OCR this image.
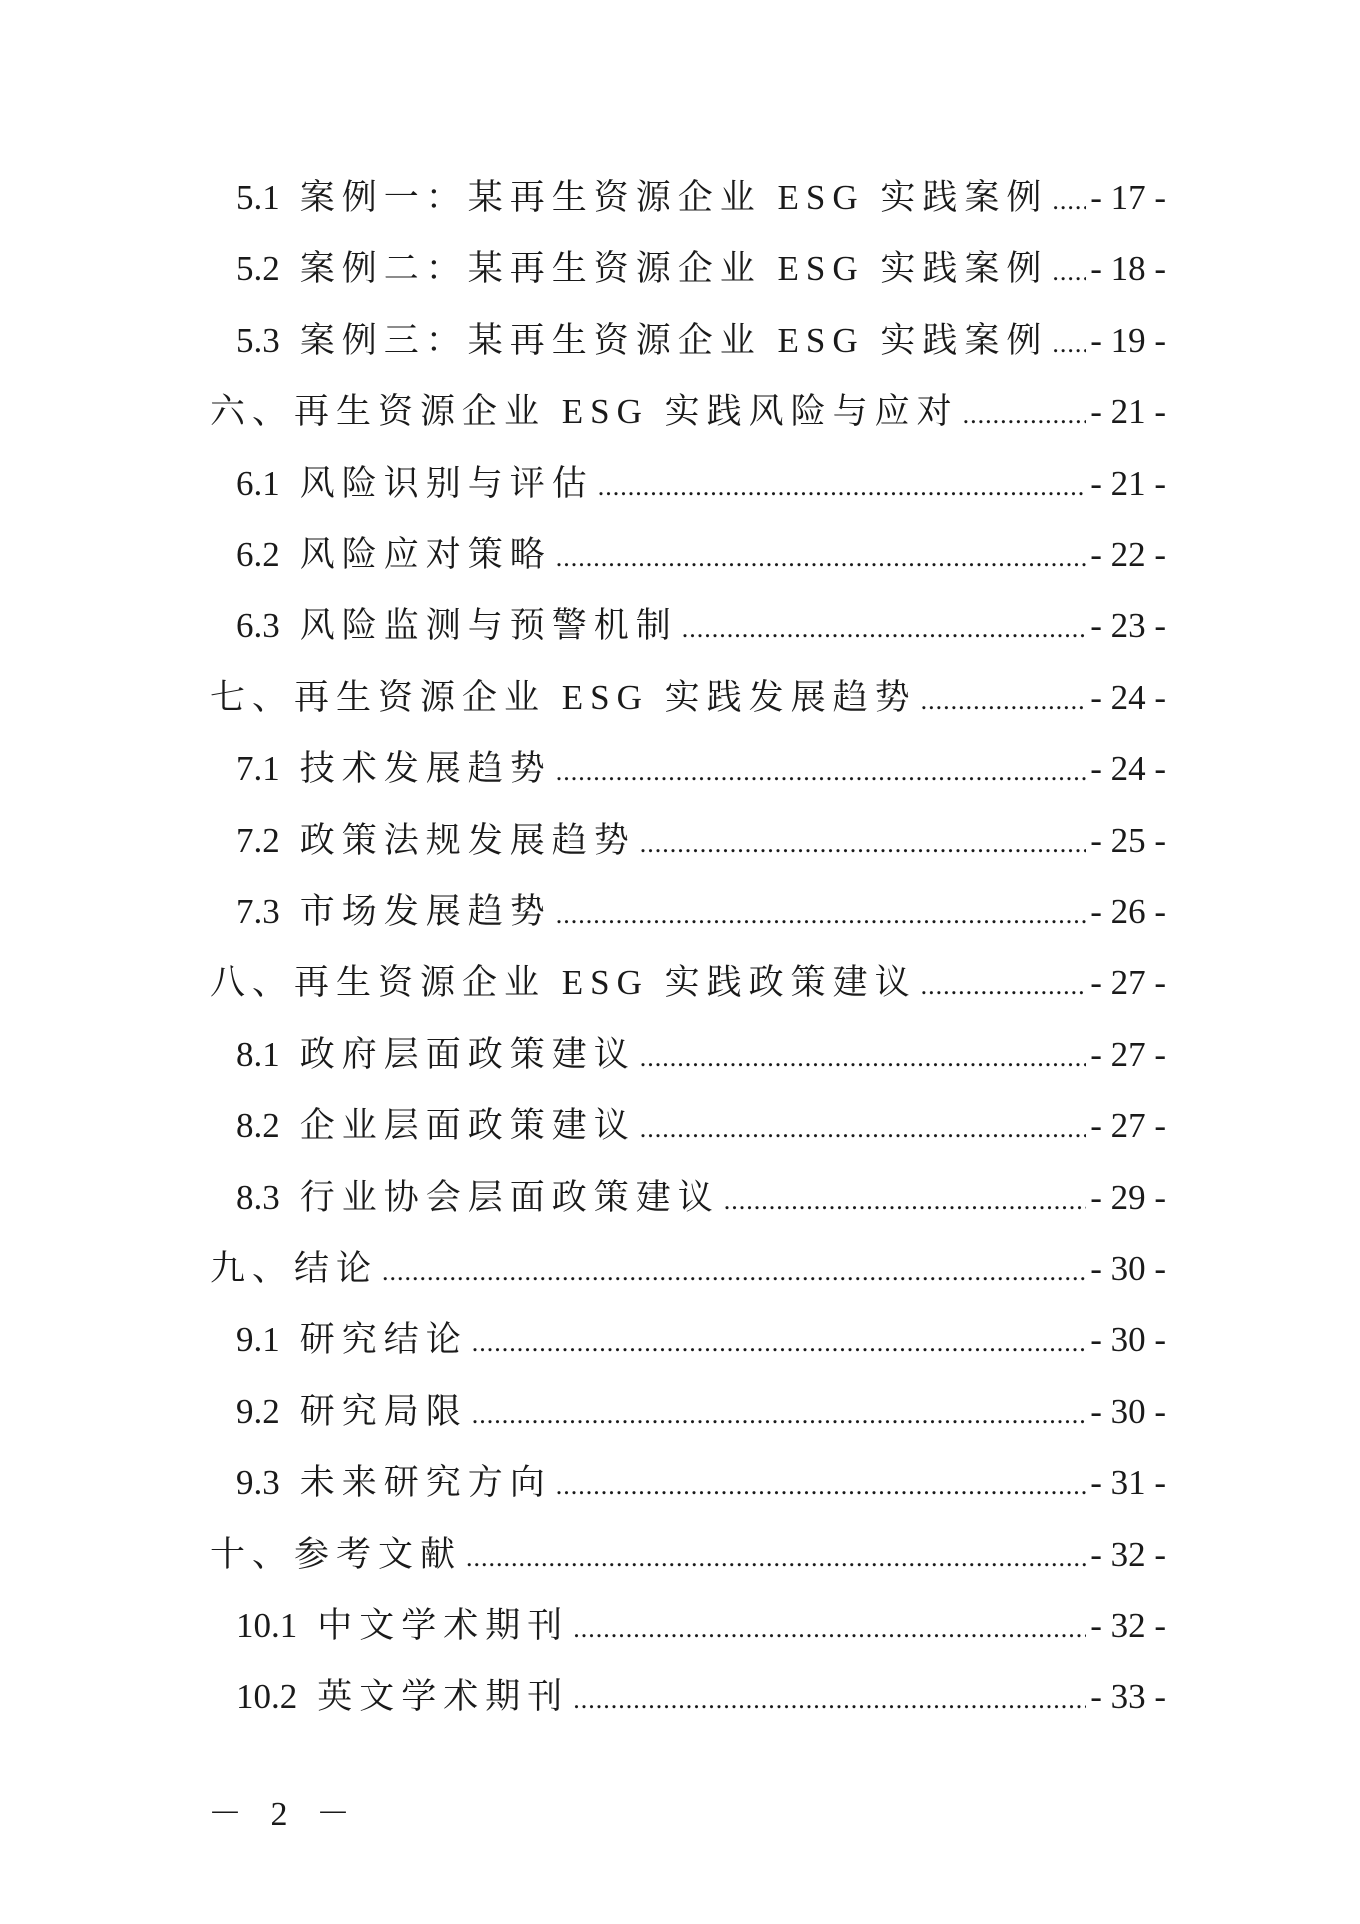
5.1 案例一：某再生资源企业 ESG 实践案例 ..... - 17 -
5.2 案例二：某再生资源企业 ESG 实践案例 ..... - 18 -
5.3 案例三：某再生资源企业 ESG 实践案例 ..... - 19 -
六、再生资源企业 ESG 实践风险与应对 .....	- 21 -
6.1 风险识别与评估 .....	- 21 -
6.2 风险应对策略 .....	- 22 -
6.3 风险监测与预警机制 .....	- 23 -
七、再生资源企业 ESG 实践发展趋势 .....	- 24 -
7.1 技术发展趋势 .....	- 24 -
7.2 政策法规发展趋势 .....	- 25 -
7.3 市场发展趋势 .....	- 26 -
八、再生资源企业 ESG 实践政策建议 .....	- 27 -
8.1 政府层面政策建议 .....	- 27 -
8.2 企业层面政策建议 .....	- 27 -
8.3 行业协会层面政策建议 .....	- 29 -
九、结论 .....	- 30 -
9.1 研究结论 .....	- 30 -
9.2 研究局限 .....	- 30 -
9.3 未来研究方向 .....	- 31 -
十、参考文献 .....	- 32 -
10.1 中文学术期刊 .....	- 32 -
10.2 英文学术期刊 .....	- 33 -
－ 2 －
